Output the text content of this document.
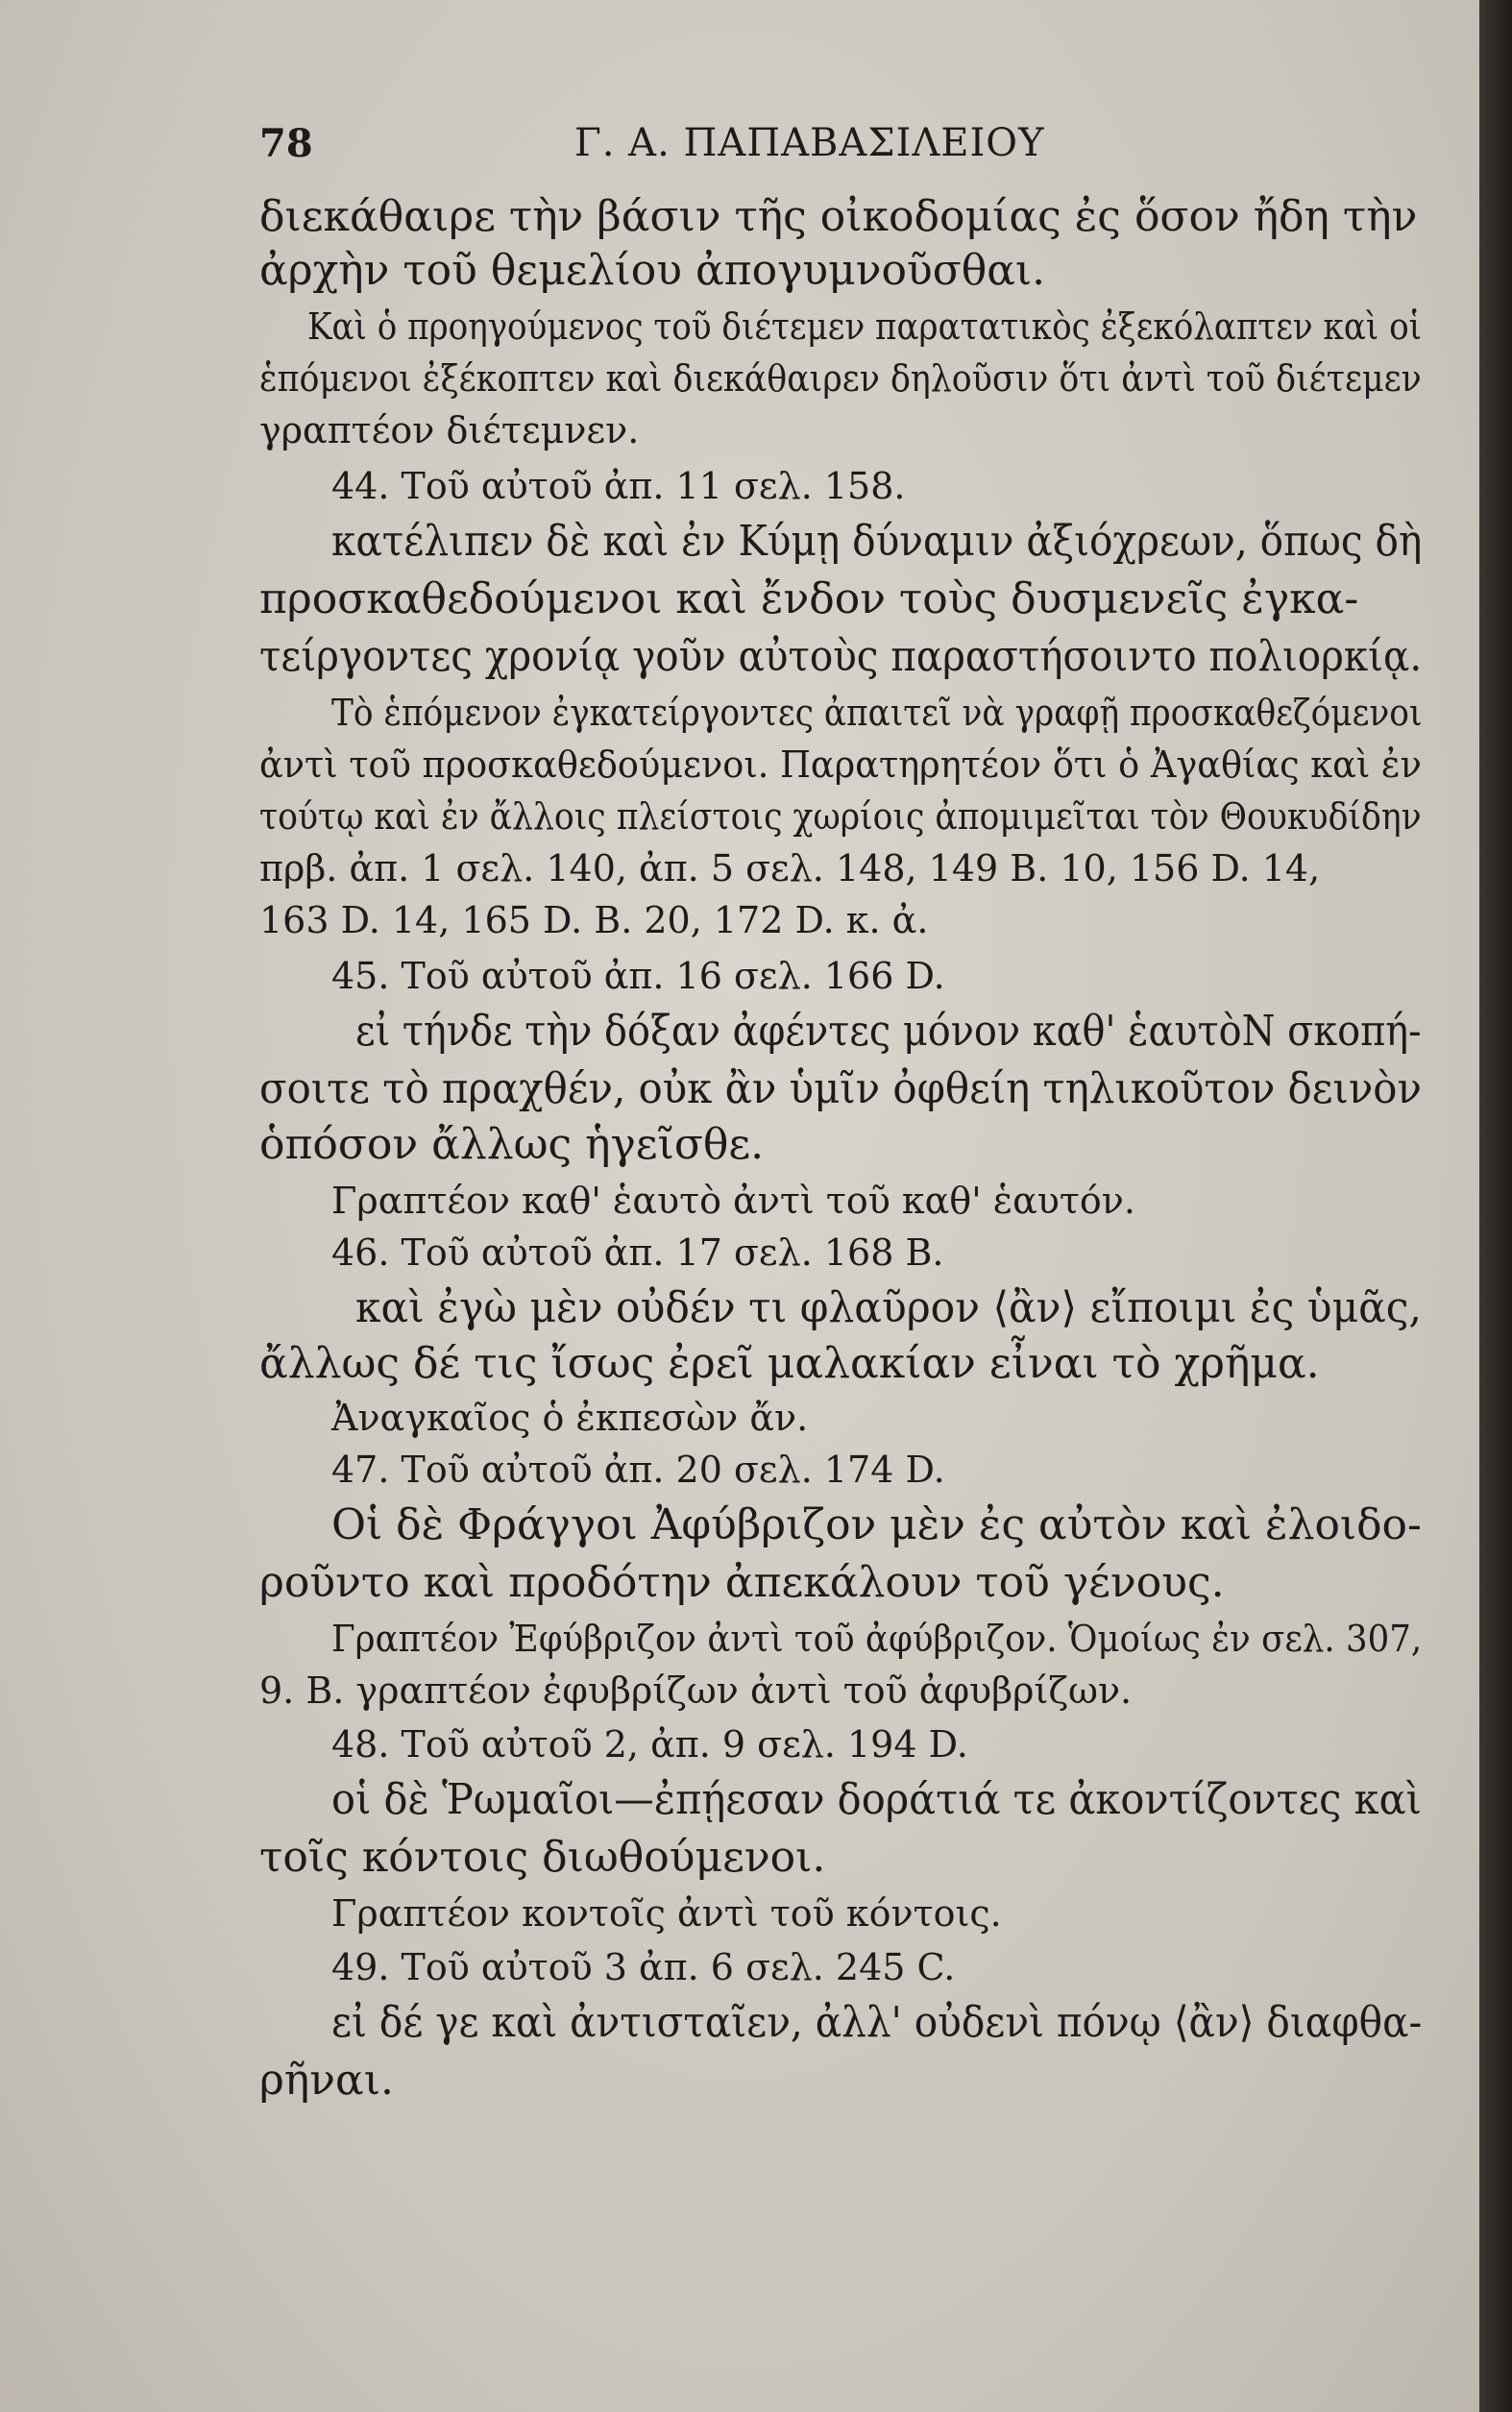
78	Γ. Α. ΠΑΠΑΒΑΣΙΛΕΙΟΥ
διεκάθαιρε τὴν βάσιν τῆς οἰκοδομίας ἐς ὅσον ἤδη τὴν
ἀρχὴν τοῦ θεμελίου ἀπογυμνοῦσθαι.
Καὶ ὁ προηγούμενος τοῦ διέτεμεν παρατατικὸς ἐξεκόλαπτεν καὶ οἱ
ἑπόμενοι ἐξέκοπτεν καὶ διεκάθαιρεν δηλοῦσιν ὅτι ἀντὶ τοῦ διέτεμεν
γραπτέον διέτεμνεν.
44. Τοῦ αὐτοῦ ἀπ. 11 σελ. 158.
κατέλιπεν δὲ καὶ ἐν Κύμῃ δύναμιν ἀξιόχρεων, ὅπως δὴ
προσκαθεδούμενοι καὶ ἔνδον τοὺς δυσμενεῖς ἐγκα-
τείργοντες χρονίᾳ γοῦν αὐτοὺς παραστήσοιντο πολιορκίᾳ.
Τὸ ἑπόμενον ἐγκατείργοντες ἀπαιτεῖ νὰ γραφῇ προσκαθεζόμενοι
ἀντὶ τοῦ προσκαθεδούμενοι. Παρατηρητέον ὅτι ὁ Ἀγαθίας καὶ ἐν
τούτῳ καὶ ἐν ἄλλοις πλείστοις χωρίοις ἀπομιμεῖται τὸν Θουκυδίδην
πρβ. ἀπ. 1 σελ. 140, ἀπ. 5 σελ. 148, 149 B. 10, 156 D. 14,
163 D. 14, 165 D. B. 20, 172 D. κ. ἀ.
45. Τοῦ αὐτοῦ ἀπ. 16 σελ. 166 D.
εἰ τήνδε τὴν δόξαν ἀφέντες μόνον καθ' ἑαυτὸΝ σκοπή-
σοιτε τὸ πραχθέν, οὐκ ἂν ὑμῖν ὀφθείη τηλικοῦτον δεινὸν
ὁπόσον ἄλλως ἡγεῖσθε.
Γραπτέον καθ' ἑαυτὸ ἀντὶ τοῦ καθ' ἑαυτόν.
46. Τοῦ αὐτοῦ ἀπ. 17 σελ. 168 B.
καὶ ἐγὼ μὲν οὐδέν τι φλαῦρον ⟨ἂν⟩ εἴποιμι ἐς ὑμᾶς,
ἄλλως δέ τις ἴσως ἐρεῖ μαλακίαν εἶναι τὸ χρῆμα.
Ἀναγκαῖος ὁ ἐκπεσὼν ἄν.
47. Τοῦ αὐτοῦ ἀπ. 20 σελ. 174 D.
Οἱ δὲ Φράγγοι Ἀφύβριζον μὲν ἐς αὐτὸν καὶ ἐλοιδο-
ροῦντο καὶ προδότην ἀπεκάλουν τοῦ γένους.
Γραπτέον Ἐφύβριζον ἀντὶ τοῦ ἀφύβριζον. Ὁμοίως ἐν σελ. 307,
9. B. γραπτέον ἐφυβρίζων ἀντὶ τοῦ ἀφυβρίζων.
48. Τοῦ αὐτοῦ 2, ἀπ. 9 σελ. 194 D.
οἱ δὲ Ῥωμαῖοι—ἐπῄεσαν δοράτιά τε ἀκοντίζοντες καὶ
τοῖς κόντοις διωθούμενοι.
Γραπτέον κοντοῖς ἀντὶ τοῦ κόντοις.
49. Τοῦ αὐτοῦ 3 ἀπ. 6 σελ. 245 C.
εἰ δέ γε καὶ ἀντισταῖεν, ἀλλ' οὐδενὶ πόνῳ ⟨ἂν⟩ διαφθα-
ρῆναι.
